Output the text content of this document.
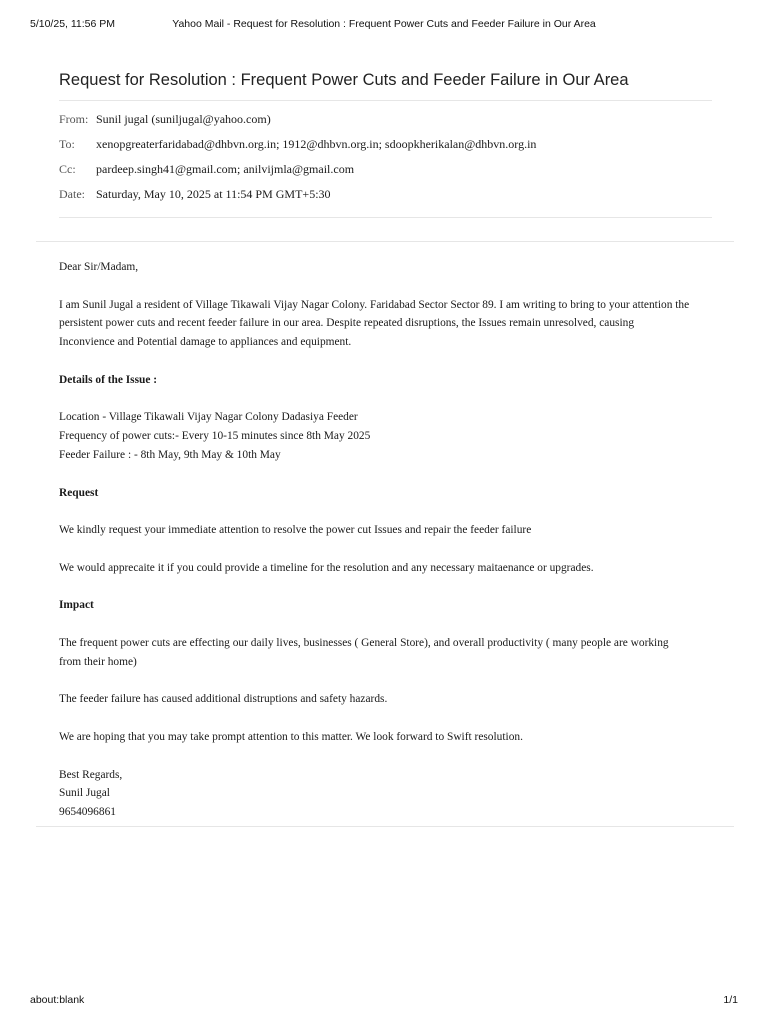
5/10/25, 11:56 PM	Yahoo Mail - Request for Resolution : Frequent Power Cuts and Feeder Failure in Our Area
Request for Resolution : Frequent Power Cuts and Feeder Failure in Our Area
From: Sunil jugal (suniljugal@yahoo.com)
To: xenopgreaterfaridabad@dhbvn.org.in; 1912@dhbvn.org.in; sdoopkherikalan@dhbvn.org.in
Cc: pardeep.singh41@gmail.com; anilvijmla@gmail.com
Date: Saturday, May 10, 2025 at 11:54 PM GMT+5:30

Dear Sir/Madam,

I am Sunil Jugal a resident of Village Tikawali Vijay Nagar Colony. Faridabad Sector Sector 89. I am writing to bring to your attention the

persistent power cuts and recent feeder failure in our area. Despite repeated disruptions, the Issues remain unresolved, causing

Inconvience and Potential damage to appliances and equipment.

Details of the Issue :

Location - Village Tikawali Vijay Nagar Colony Dadasiya Feeder

Frequency of power cuts:- Every 10-15 minutes since 8th May 2025

Feeder Failure : - 8th May, 9th May & 10th May

Request

We kindly request your immediate attention to resolve the power cut Issues and repair the feeder failure

We would apprecaite it if you could provide a timeline for the resolution and any necessary maitaenance or upgrades.

Impact

The frequent power cuts are effecting our daily lives, businesses ( General Store), and overall productivity ( many people are working

from their home)

The feeder failure has caused additional distruptions and safety hazards.

We are hoping that you may take prompt attention to this matter. We look forward to Swift resolution.

Best Regards,

Sunil Jugal

9654096861

about:blank	1/1
